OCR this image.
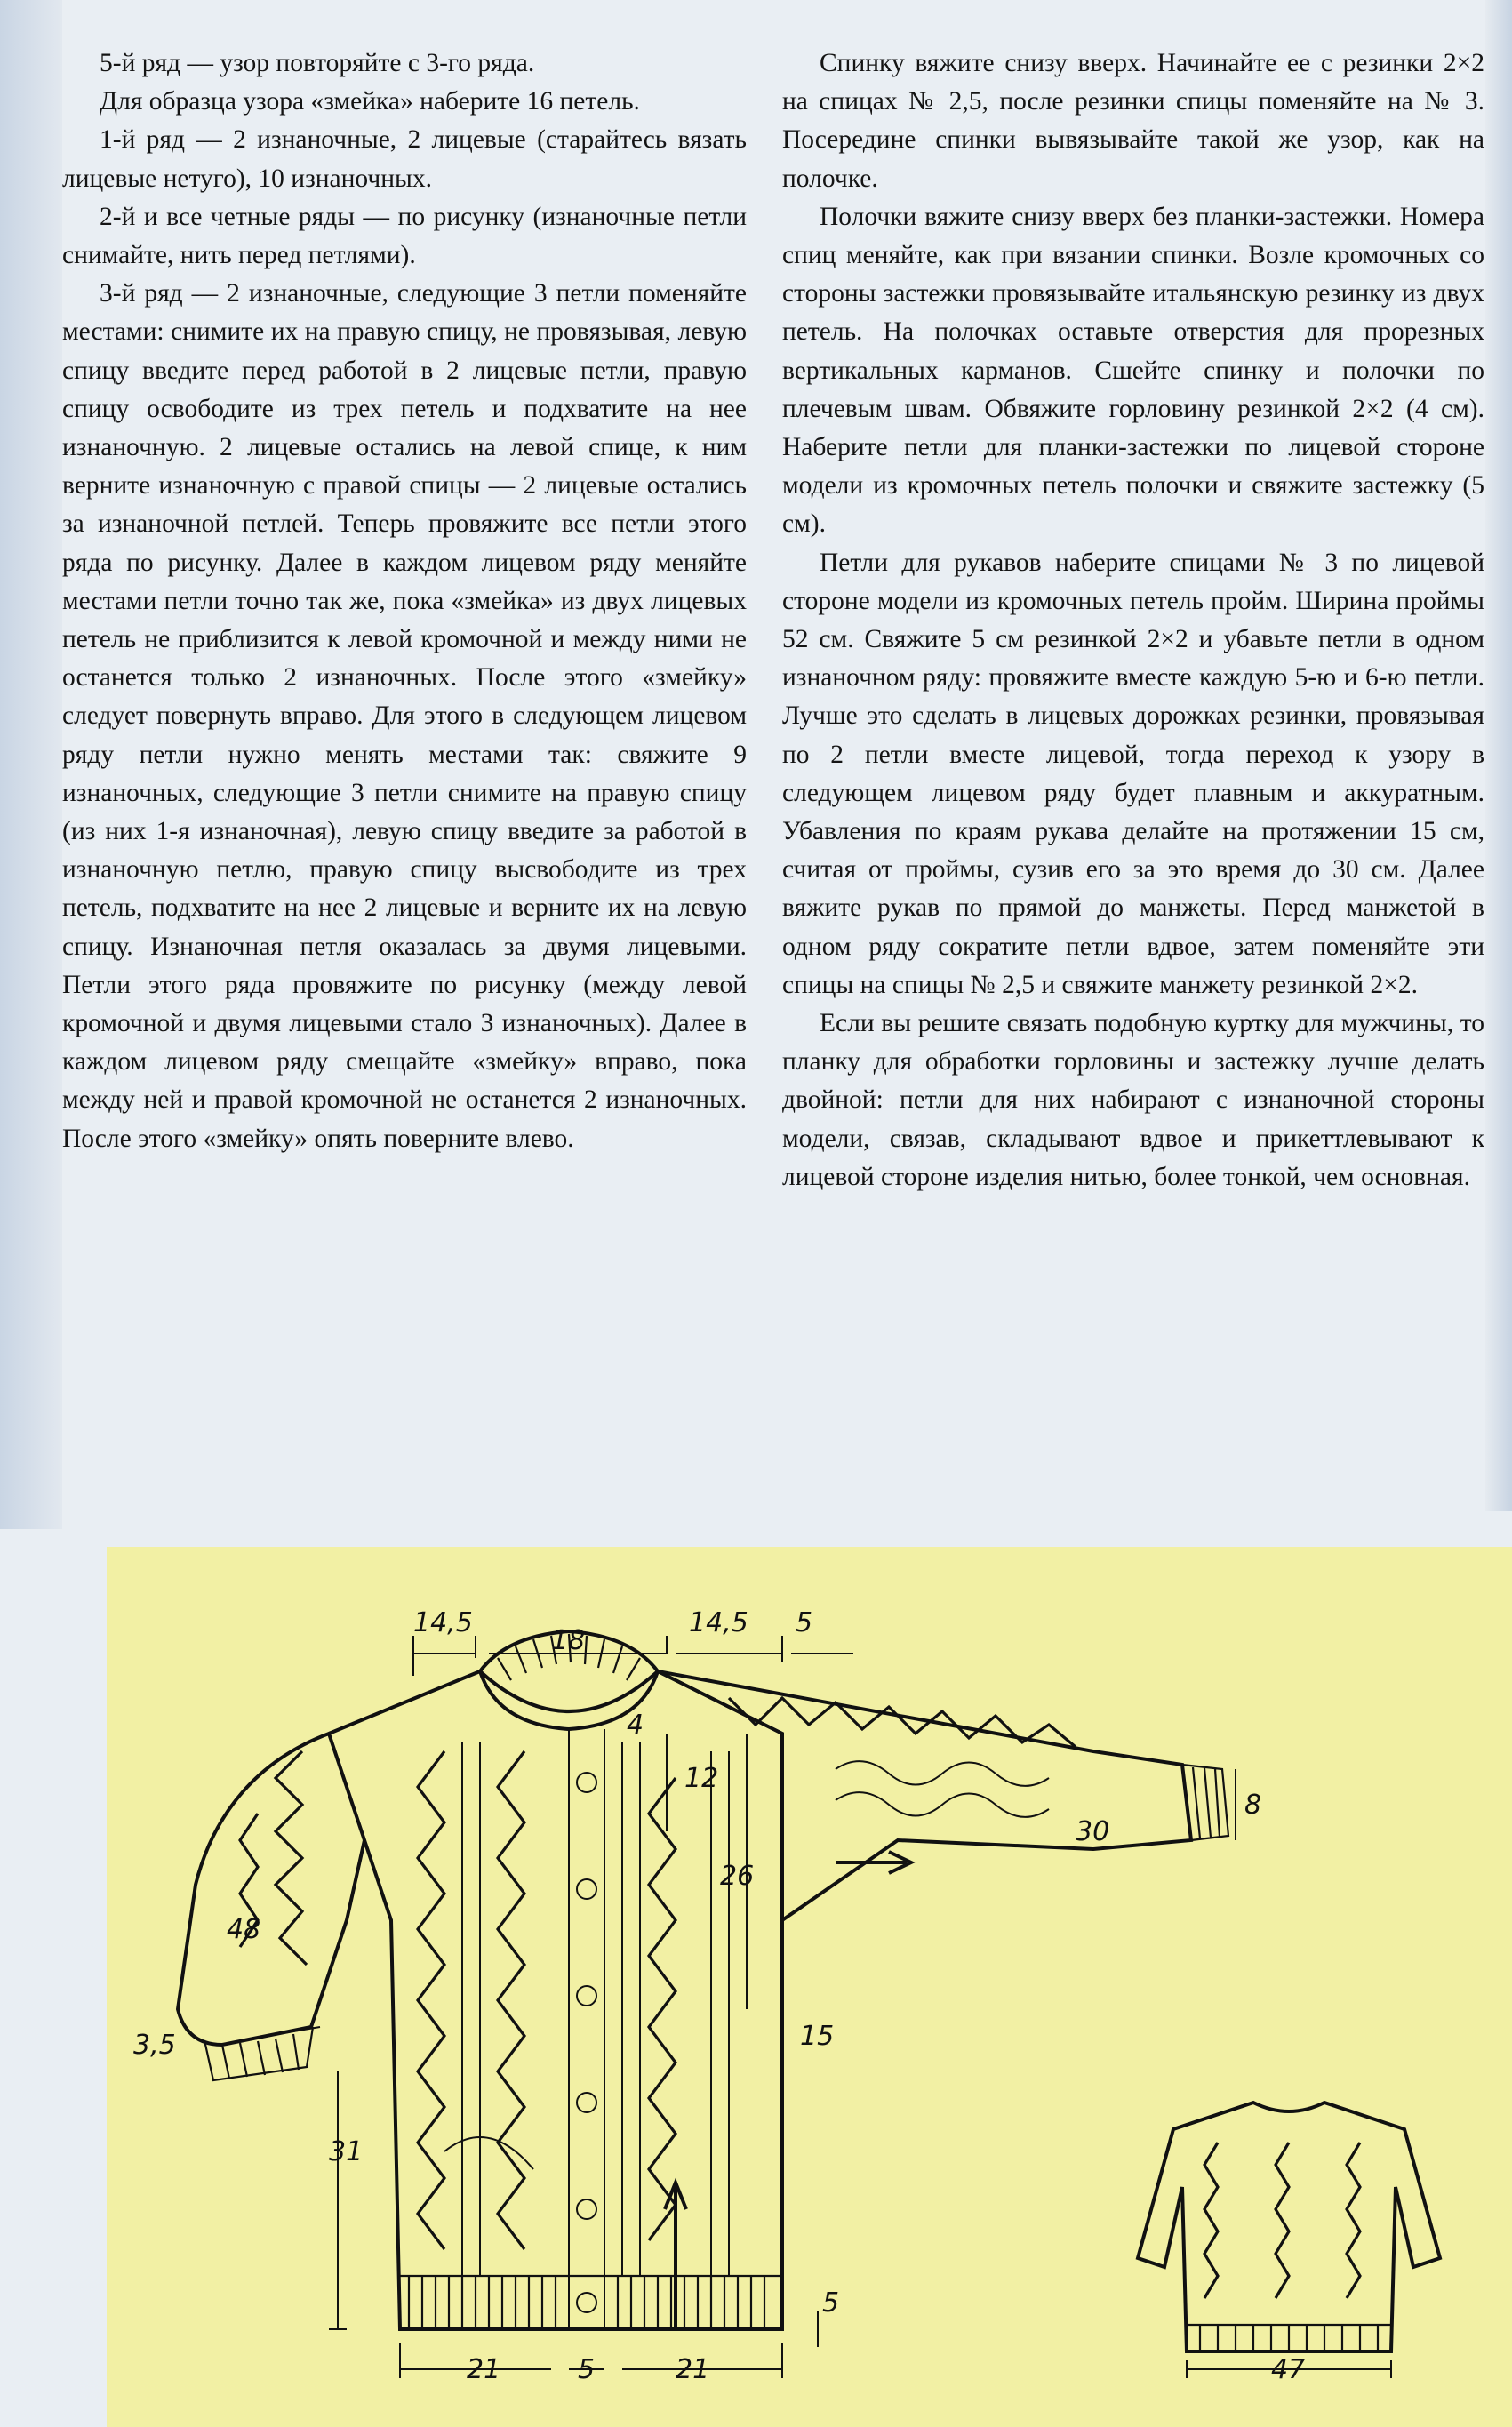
5-й ряд — узор повторяйте с 3-го ряда.

Для образца узора «змейка» наберите 16 петель.

1-й ряд — 2 изнаночные, 2 лицевые (старайтесь вязать лицевые нетуго), 10 изнаночных.

2-й и все четные ряды — по рисунку (изнаночные петли снимайте, нить перед петлями).

3-й ряд — 2 изнаночные, следующие 3 петли поменяйте местами: снимите их на правую спицу, не провязывая, левую спицу введите перед работой в 2 лицевые петли, правую спицу освободите из трех петель и подхватите на нее изнаночную. 2 лицевые остались на левой спице, к ним верните изнаночную с правой спицы — 2 лицевые остались за изнаночной петлей. Теперь провяжите все петли этого ряда по рисунку. Далее в каждом лицевом ряду меняйте местами петли точно так же, пока «змейка» из двух лицевых петель не приблизится к левой кромочной и между ними не останется только 2 изнаночных. После этого «змейку» следует повернуть вправо. Для этого в следующем лицевом ряду петли нужно менять местами так: свяжите 9 изнаночных, следующие 3 петли снимите на правую спицу (из них 1-я изнаночная), левую спицу введите за работой в изнаночную петлю, правую спицу высвободите из трех петель, подхватите на нее 2 лицевые и верните их на левую спицу. Изнаночная петля оказалась за двумя лицевыми. Петли этого ряда провяжите по рисунку (между левой кромочной и двумя лицевыми стало 3 изнаночных). Далее в каждом лицевом ряду смещайте «змейку» вправо, пока между ней и правой кромочной не останется 2 изнаночных. После этого «змейку» опять поверните влево.

Спинку вяжите снизу вверх. Начинайте ее с резинки 2×2 на спицах № 2,5, после резинки спицы поменяйте на № 3. Посередине спинки вывязывайте такой же узор, как на полочке.

Полочки вяжите снизу вверх без планки-застежки. Номера спиц меняйте, как при вязании спинки. Возле кромочных со стороны застежки провязывайте итальянскую резинку из двух петель. На полочках оставьте отверстия для прорезных вертикальных карманов. Сшейте спинку и полочки по плечевым швам. Обвяжите горловину резинкой 2×2 (4 см). Наберите петли для планки-застежки по лицевой стороне модели из кромочных петель полочки и свяжите застежку (5 см).

Петли для рукавов наберите спицами № 3 по лицевой стороне модели из кромочных петель пройм. Ширина проймы 52 см. Свяжите 5 см резинкой 2×2 и убавьте петли в одном изнаночном ряду: провяжите вместе каждую 5-ю и 6-ю петли. Лучше это сделать в лицевых дорожках резинки, провязывая по 2 петли вместе лицевой, тогда переход к узору в следующем лицевом ряду будет плавным и аккуратным. Убавления по краям рукава делайте на протяжении 15 см, считая от проймы, сузив его за это время до 30 см. Далее вяжите рукав по прямой до манжеты. Перед манжетой в одном ряду сократите петли вдвое, затем поменяйте эти спицы на спицы № 2,5 и свяжите манжету резинкой 2×2.

Если вы решите связать подобную куртку для мужчины, то планку для обработки горловины и застежку лучше делать двойной: петли для них набирают с изнаночной стороны модели, связав, складывают вдвое и прикеттлевывают к лицевой стороне изделия нитью, более тонкой, чем основная.

14,5
18
14,5 5
4
12
26
30
8
48
3,5	15
31
5
21	5	21	47
